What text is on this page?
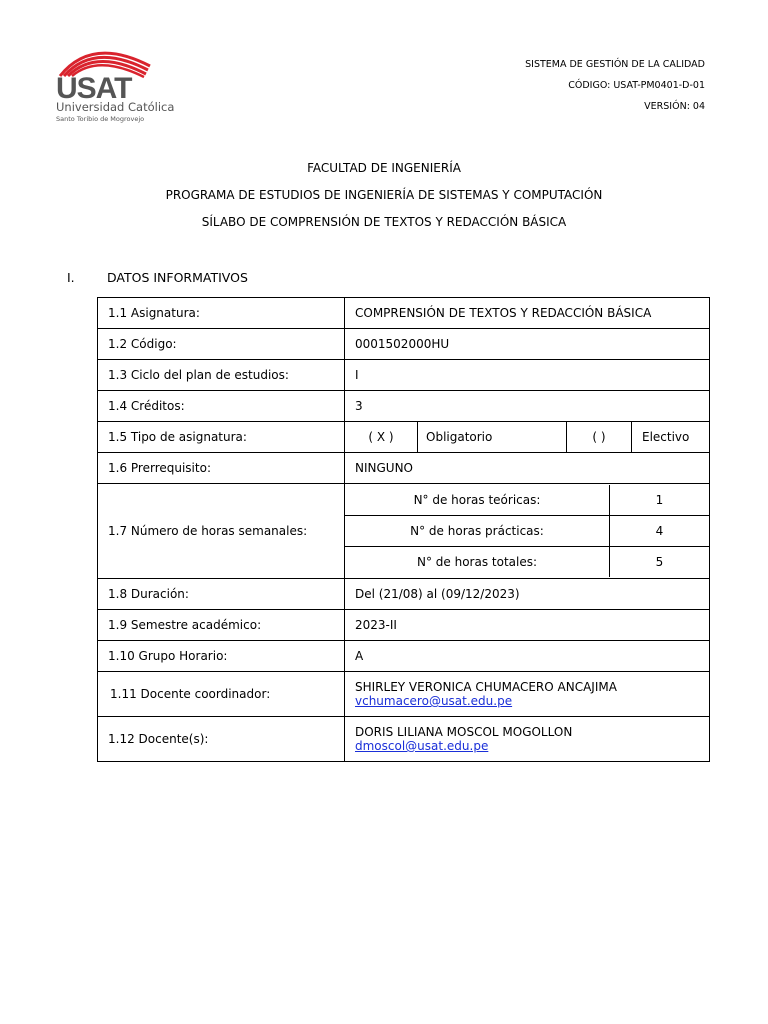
USAT
Universidad Católica
Santo Toribio de Mogrovejo
SISTEMA DE GESTIÓN DE LA CALIDAD
CÓDIGO: USAT-PM0401-D-01
VERSIÓN: 04
FACULTAD DE INGENIERÍA
PROGRAMA DE ESTUDIOS DE INGENIERÍA DE SISTEMAS Y COMPUTACIÓN
SÍLABO DE COMPRENSIÓN DE TEXTOS Y REDACCIÓN BÁSICA
I.	DATOS INFORMATIVOS
1.1 Asignatura:	COMPRENSIÓN DE TEXTOS Y REDACCIÓN BÁSICA
1.2 Código:	0001502000HU
1.3 Ciclo del plan de estudios:	I
1.4 Créditos:	3
1.5 Tipo de asignatura:		( X )	Obligatorio	( )	Electivo

1.6 Prerrequisito:	NINGUNO
1.7 Número de horas semanales:	
N° de horas teóricas:	1
N° de horas prácticas:	4
N° de horas totales:	5

1.8 Duración:	Del (21/08) al (09/12/2023)
1.9 Semestre académico:	2023-II
1.10 Grupo Horario:	A
1.11 Docente coordinador:	SHIRLEY VERONICA CHUMACERO ANCAJIMA
vchumacero@usat.edu.pe

1.12 Docente(s):	DORIS LILIANA MOSCOL MOGOLLON
dmoscol@usat.edu.pe
